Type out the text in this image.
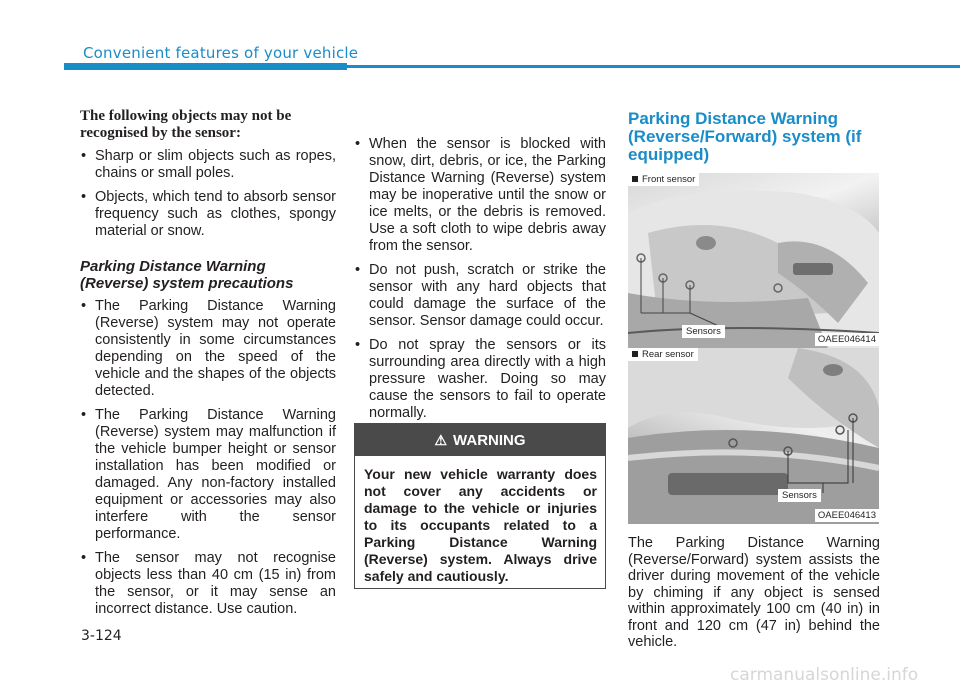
Convenient features of your vehicle

The following objects may not be recognised by the sensor:

• Sharp or slim objects such as ropes, chains or small poles.
• Objects, which tend to absorb sensor frequency such as clothes, spongy material or snow.

Parking Distance Warning (Reverse) system precautions

• The Parking Distance Warning (Reverse) system may not operate consistently in some circumstances depending on the speed of the vehicle and the shapes of the objects detected.
• The Parking Distance Warning (Reverse) system may malfunction if the vehicle bumper height or sensor installation has been modified or damaged. Any non-factory installed equipment or accessories may also interfere with the sensor performance.
• The sensor may not recognise objects less than 40 cm (15 in) from the sensor, or it may sense an incorrect distance. Use caution.
• When the sensor is blocked with snow, dirt, debris, or ice, the Parking Distance Warning (Reverse) system may be inoperative until the snow or ice melts, or the debris is removed. Use a soft cloth to wipe debris away from the sensor.
• Do not push, scratch or strike the sensor with any hard objects that could damage the surface of the sensor. Sensor damage could occur.
• Do not spray the sensors or its surrounding area directly with a high pressure washer. Doing so may cause the sensors to fail to operate normally.
⚠ WARNING
Your new vehicle warranty does not cover any accidents or damage to the vehicle or injuries to its occupants related to a Parking Distance Warning (Reverse) system. Always drive safely and cautiously.

Parking Distance Warning (Reverse/Forward) system (if equipped)

Front sensor
Sensors
OAEE046414
Rear sensor
Sensors
OAEE046413
The Parking Distance Warning (Reverse/Forward) system assists the driver during movement of the vehicle by chiming if any object is sensed within approximately 100 cm (40 in) in front and 120 cm (47 in) behind the vehicle.
3-124
carmanualsonline.info
